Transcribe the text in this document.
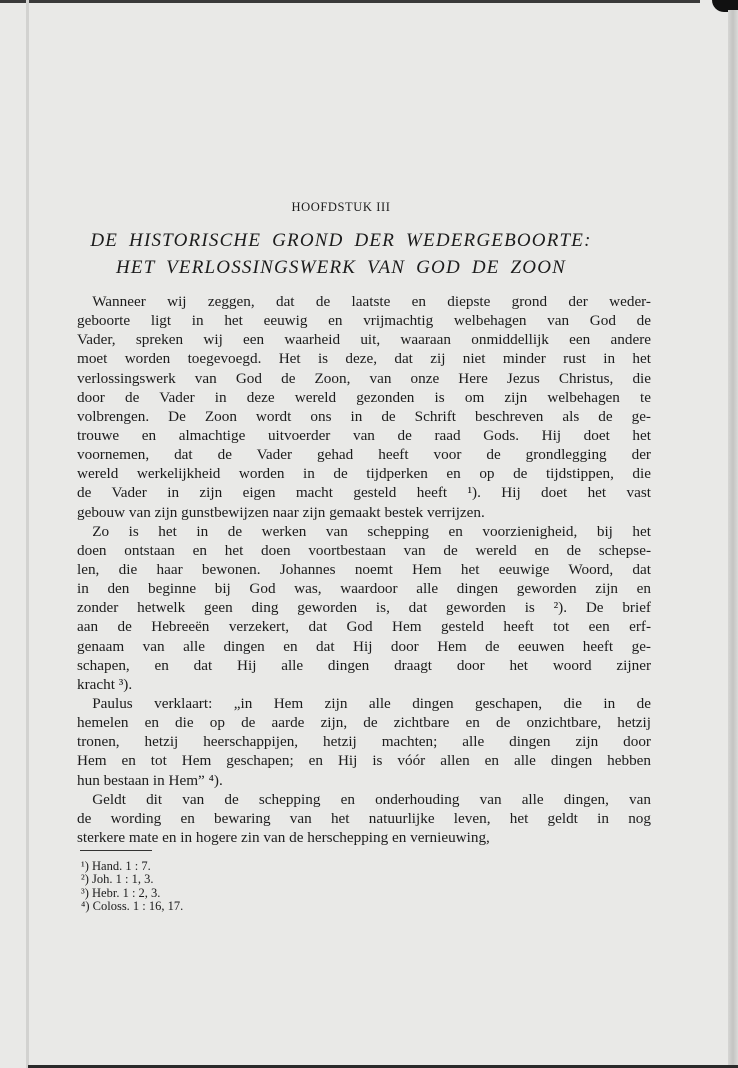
HOOFDSTUK III
DE HISTORISCHE GROND DER WEDERGEBOORTE:
HET VERLOSSINGSWERK VAN GOD DE ZOON
 Wanneer wij zeggen, dat de laatste en diepste grond der weder-
geboorte ligt in het eeuwig en vrijmachtig welbehagen van God de
Vader, spreken wij een waarheid uit, waaraan onmiddellijk een andere
moet worden toegevoegd. Het is deze, dat zij niet minder rust in het
verlossingswerk van God de Zoon, van onze Here Jezus Christus, die
door de Vader in deze wereld gezonden is om zijn welbehagen te
volbrengen. De Zoon wordt ons in de Schrift beschreven als de ge-
trouwe en almachtige uitvoerder van de raad Gods. Hij doet het
voornemen, dat de Vader gehad heeft voor de grondlegging der
wereld werkelijkheid worden in de tijdperken en op de tijdstippen, die
de Vader in zijn eigen macht gesteld heeft ¹). Hij doet het vast
gebouw van zijn gunstbewijzen naar zijn gemaakt bestek verrijzen.
 Zo is het in de werken van schepping en voorzienigheid, bij het
doen ontstaan en het doen voortbestaan van de wereld en de schepse-
len, die haar bewonen. Johannes noemt Hem het eeuwige Woord, dat
in den beginne bij God was, waardoor alle dingen geworden zijn en
zonder hetwelk geen ding geworden is, dat geworden is ²). De brief
aan de Hebreeën verzekert, dat God Hem gesteld heeft tot een erf-
genaam van alle dingen en dat Hij door Hem de eeuwen heeft ge-
schapen, en dat Hij alle dingen draagt door het woord zijner
kracht ³).
 Paulus verklaart: „in Hem zijn alle dingen geschapen, die in de
hemelen en die op de aarde zijn, de zichtbare en de onzichtbare, hetzij
tronen, hetzij heerschappijen, hetzij machten; alle dingen zijn door
Hem en tot Hem geschapen; en Hij is vóór allen en alle dingen hebben
hun bestaan in Hem” ⁴).
 Geldt dit van de schepping en onderhouding van alle dingen, van
de wording en bewaring van het natuurlijke leven, het geldt in nog
sterkere mate en in hogere zin van de herschepping en vernieuwing,
¹) Hand. 1 : 7.
²) Joh. 1 : 1, 3.
³) Hebr. 1 : 2, 3.
⁴) Coloss. 1 : 16, 17.
